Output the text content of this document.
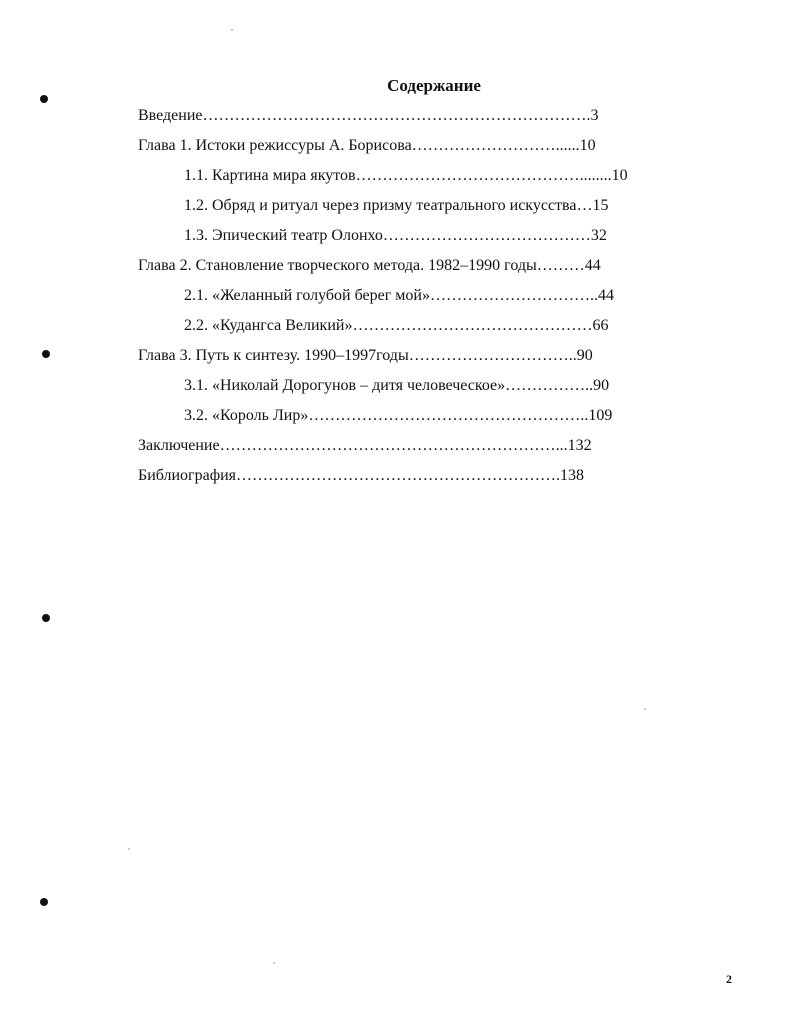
Содержание
Введение……………………………………………………………….3
Глава 1. Истоки режиссуры А. Борисова………………………......10
1.1. Картина мира якутов……………………………………........10
1.2. Обряд и ритуал через призму театрального искусства…15
1.3. Эпический театр Олонхо…………………………………32
Глава 2. Становление творческого метода. 1982–1990 годы………44
2.1. «Желанный голубой берег мой»…………………………..44
2.2. «Кудангса Великий»………………………………………66
Глава 3. Путь к синтезу. 1990–1997годы…………………………..90
3.1. «Николай Дорогунов – дитя человеческое»……………..90
3.2. «Король Лир»……………………………………………..109
Заключение………………………………………………………...132
Библиография…………………………………………………….138
2
